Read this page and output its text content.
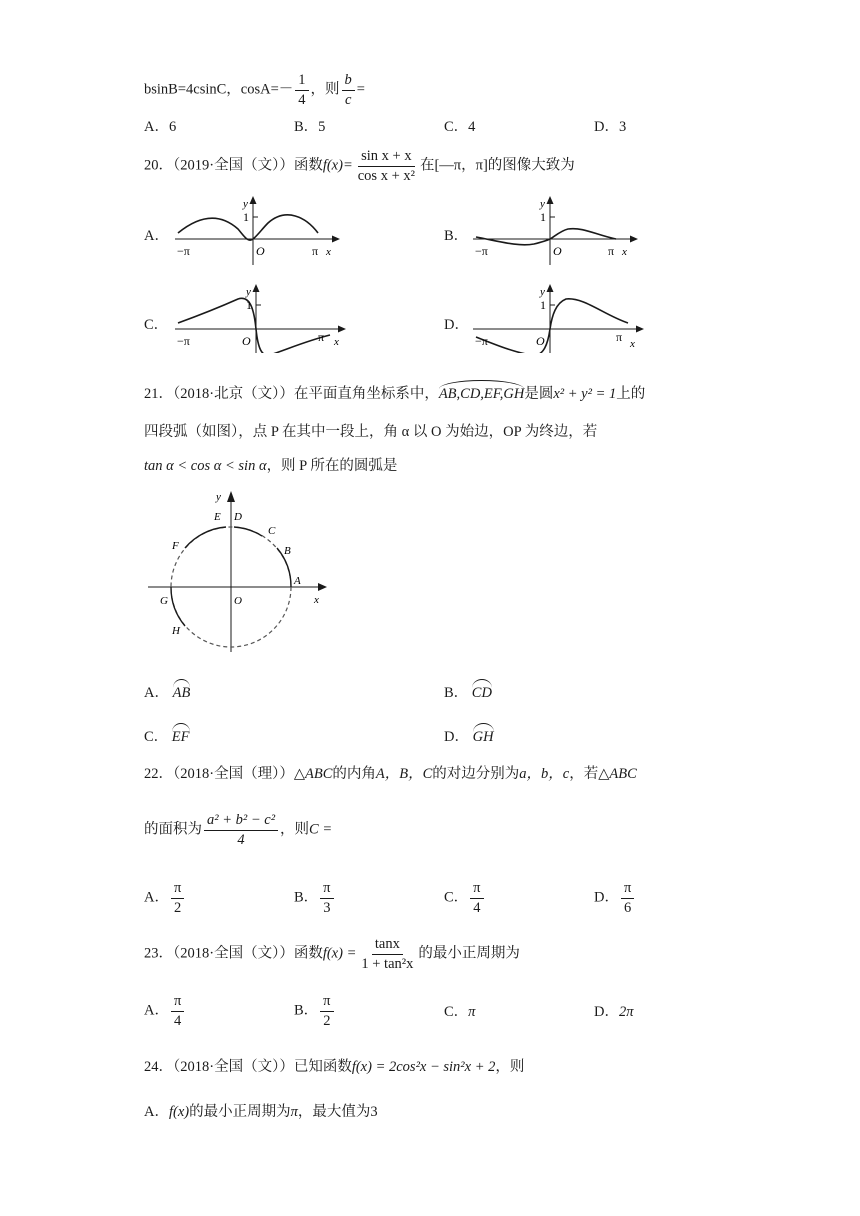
bsinB=4csinC，$\cos A=- \frac{1}{4}$ ，则 $\frac{b}{c}$ =
A．6	B．5	C．4	D．3
20．（2019·全国（文））函数$f(x)= \frac{\text{sin x + x}}{\text{cos x + x²}}$ 在[—π，π]的图像大致为
A．	B．
C．	D．
y
1
O
−π	π x
y
1
O
−π	π x
y
1
O
−π	π x
y
1
O
−π	π x
21．（2018·北京（文））在平面直角坐标系中，AB,CD,EF,GH是圆x² + y² = 1上的
四段弧（如图），点 P 在其中一段上，角 α 以 O 为始边，OP 为终边，若
tan α < cos α < sin α，则 P 所在的圆弧是
y
x
O
A
B
C
D
E
F
G
H
A． AB	B． CD
C． EF	D． GH
22．（2018·全国（理））△ABC的内角A，B，C的对边分别为a，b，c，若△ABC
的面积为 $\frac{\text{a² + b² − c²}}{4}$ ，则C =
A． $\frac{\pi}{2}$	B． $\frac{\pi}{3}$	C． $\frac{\pi}{4}$	D． $\frac{\pi}{6}$
23．（2018·全国（文））函数$f(x) = \frac{\tan x}{\text{1 + tan²x}}$ 的最小正周期为
A． $\frac{\pi}{4}$	B． $\frac{\pi}{2}$	C．π	D．2π
24．（2018·全国（文））已知函数f(x) = 2cos²x − sin²x + 2，则
A．f(x)的最小正周期为π，最大值为3
